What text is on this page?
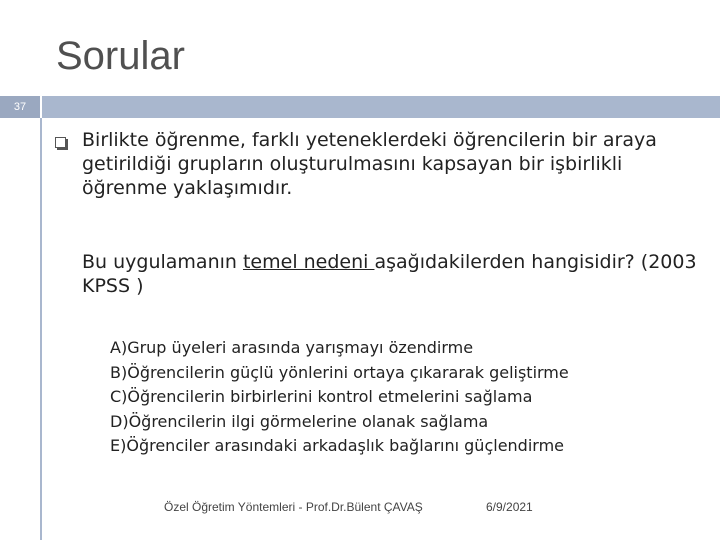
Sorular
37
Birlikte öğrenme, farklı yeteneklerdeki öğrencilerin bir araya getirildiği grupların oluşturulmasını kapsayan bir işbirlikli öğrenme yaklaşımıdır.
Bu uygulamanın temel nedeni aşağıdakilerden hangisidir? (2003 KPSS )
A)Grup üyeleri arasında yarışmayı özendirme
B)Öğrencilerin güçlü yönlerini ortaya çıkararak geliştirme
C)Öğrencilerin birbirlerini kontrol etmelerini sağlama
D)Öğrencilerin ilgi görmelerine olanak sağlama
E)Öğrenciler arasındaki arkadaşlık bağlarını güçlendirme
Özel Öğretim Yöntemleri - Prof.Dr.Bülent ÇAVAŞ	6/9/2021
